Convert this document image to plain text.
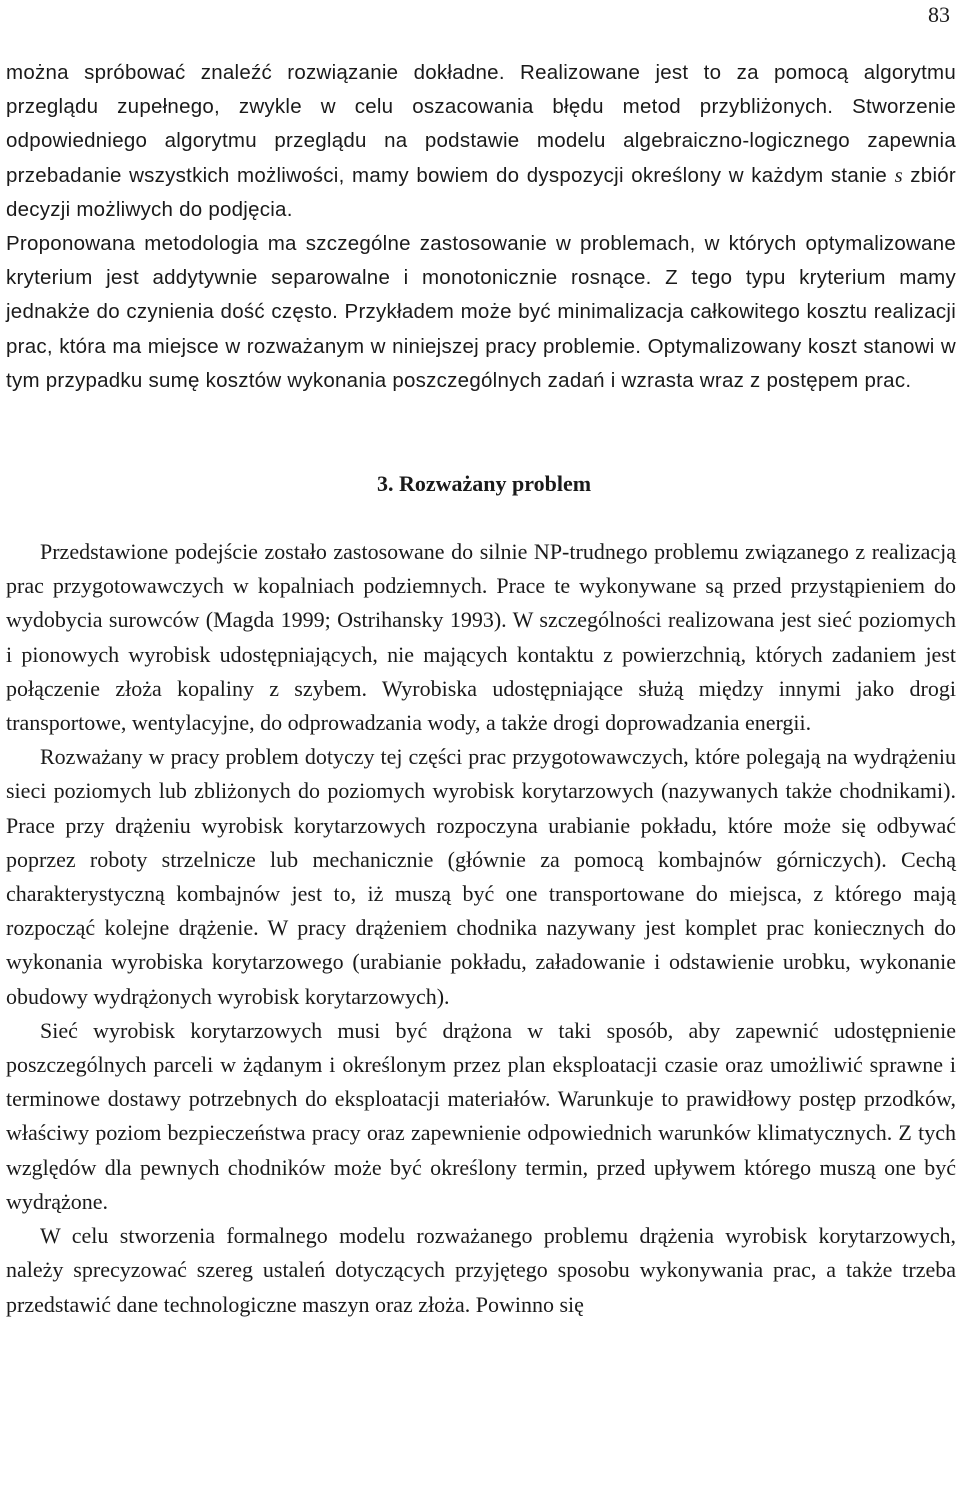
83

można spróbować znaleźć rozwiązanie dokładne. Realizowane jest to za pomocą algorytmu przeglądu zupełnego, zwykle w celu oszacowania błędu metod przybliżonych. Stworzenie odpowiedniego algorytmu przeglądu na podstawie modelu algebraiczno-logicznego zapewnia przebadanie wszystkich możliwości, mamy bowiem do dyspozycji określony w każdym stanie s zbiór decyzji możliwych do podjęcia.

Proponowana metodologia ma szczególne zastosowanie w problemach, w których optymalizowane kryterium jest addytywnie separowalne i monotonicznie rosnące. Z tego typu kryterium mamy jednakże do czynienia dość często. Przykładem może być minimalizacja całkowitego kosztu realizacji prac, która ma miejsce w rozważanym w niniejszej pracy problemie. Optymalizowany koszt stanowi w tym przypadku sumę kosztów wykonania poszczególnych zadań i wzrasta wraz z postępem prac.

3. Rozważany problem

Przedstawione podejście zostało zastosowane do silnie NP-trudnego problemu związanego z realizacją prac przygotowawczych w kopalniach podziemnych. Prace te wykonywane są przed przystąpieniem do wydobycia surowców (Magda 1999; Ostrihansky 1993). W szczególności realizowana jest sieć poziomych i pionowych wyrobisk udostępniających, nie mających kontaktu z powierzchnią, których zadaniem jest połączenie złoża kopaliny z szybem. Wyrobiska udostępniające służą między innymi jako drogi transportowe, wentylacyjne, do odprowadzania wody, a także drogi doprowadzania energii.

Rozważany w pracy problem dotyczy tej części prac przygotowawczych, które polegają na wydrążeniu sieci poziomych lub zbliżonych do poziomych wyrobisk korytarzowych (nazywanych także chodnikami). Prace przy drążeniu wyrobisk korytarzowych rozpoczyna urabianie pokładu, które może się odbywać poprzez roboty strzelnicze lub mechanicznie (głównie za pomocą kombajnów górniczych). Cechą charakterystyczną kombajnów jest to, iż muszą być one transportowane do miejsca, z którego mają rozpocząć kolejne drążenie. W pracy drążeniem chodnika nazywany jest komplet prac koniecznych do wykonania wyrobiska korytarzowego (urabianie pokładu, załadowanie i odstawienie urobku, wykonanie obudowy wydrążonych wyrobisk korytarzowych).

Sieć wyrobisk korytarzowych musi być drążona w taki sposób, aby zapewnić udostępnienie poszczególnych parceli w żądanym i określonym przez plan eksploatacji czasie oraz umożliwić sprawne i terminowe dostawy potrzebnych do eksploatacji materiałów. Warunkuje to prawidłowy postęp przodków, właściwy poziom bezpieczeństwa pracy oraz zapewnienie odpowiednich warunków klimatycznych. Z tych względów dla pewnych chodników może być określony termin, przed upływem którego muszą one być wydrążone.

W celu stworzenia formalnego modelu rozważanego problemu drążenia wyrobisk korytarzowych, należy sprecyzować szereg ustaleń dotyczących przyjętego sposobu wykonywania prac, a także trzeba przedstawić dane technologiczne maszyn oraz złoża. Powinno się
